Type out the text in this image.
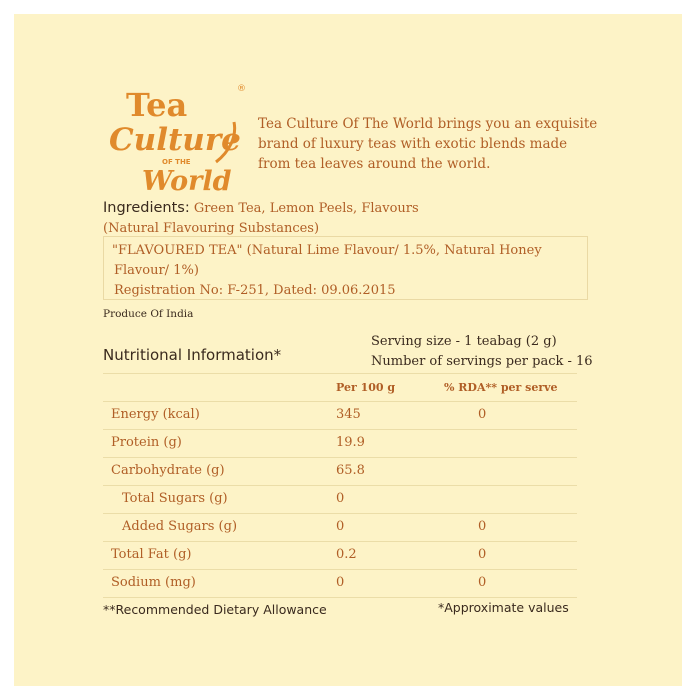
Tea
Culture
OF THE
World
®
Tea Culture Of The World brings you an exquisite brand of luxury teas with exotic blends made from tea leaves around the world.
Ingredients: Green Tea, Lemon Peels, Flavours
(Natural Flavouring Substances)
"FLAVOURED TEA" (Natural Lime Flavour/ 1.5%, Natural Honey
Flavour/ 1%)
Registration No: F-251, Dated: 09.06.2015
Produce Of India
Serving size - 1 teabag (2 g)
Number of servings per pack - 16
Nutritional Information*
Per 100 g	% RDA** per serve
Energy (kcal)	345	0
Protein (g)	19.9
Carbohydrate (g)	65.8
Total Sugars (g)	0
Added Sugars (g)	0	0
Total Fat (g)	0.2	0
Sodium (mg)	0	0
**Recommended Dietary Allowance	*Approximate values
